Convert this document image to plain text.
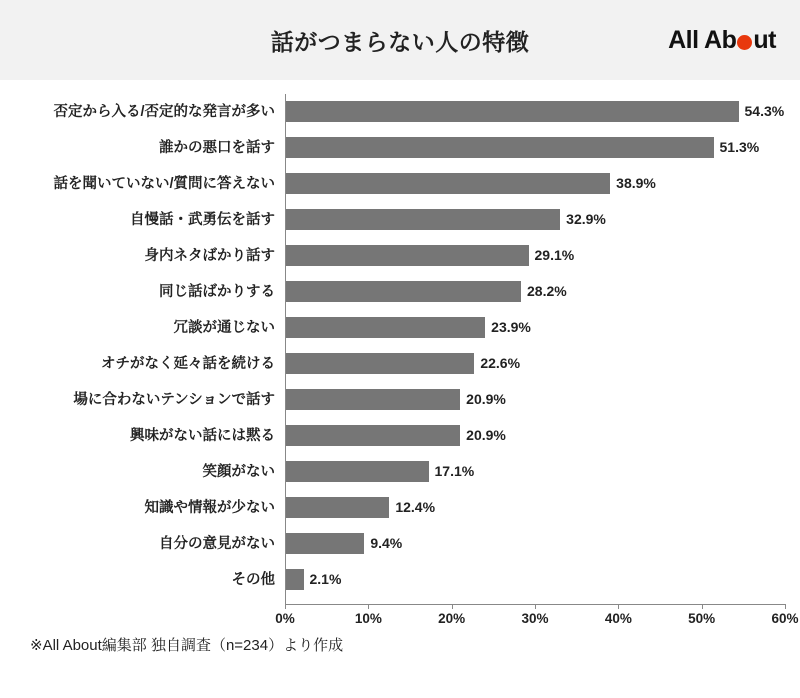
話がつまらない人の特徴	All Ab ut
否定から入る/否定的な発言が多い	54.3%
誰かの悪口を話す	51.3%
話を聞いていない/質問に答えない	38.9%
自慢話・武勇伝を話す	32.9%
身内ネタばかり話す	29.1%
同じ話ばかりする	28.2%
冗談が通じない	23.9%
オチがなく延々話を続ける	22.6%
場に合わないテンションで話す	20.9%
興味がない話には黙る	20.9%
笑顔がない	17.1%
知識や情報が少ない	12.4%
自分の意見がない	9.4%
その他 2.1%
0%	10%	20%	30%	40%	50%	60%
※All About編集部 独自調査（n=234）より作成
